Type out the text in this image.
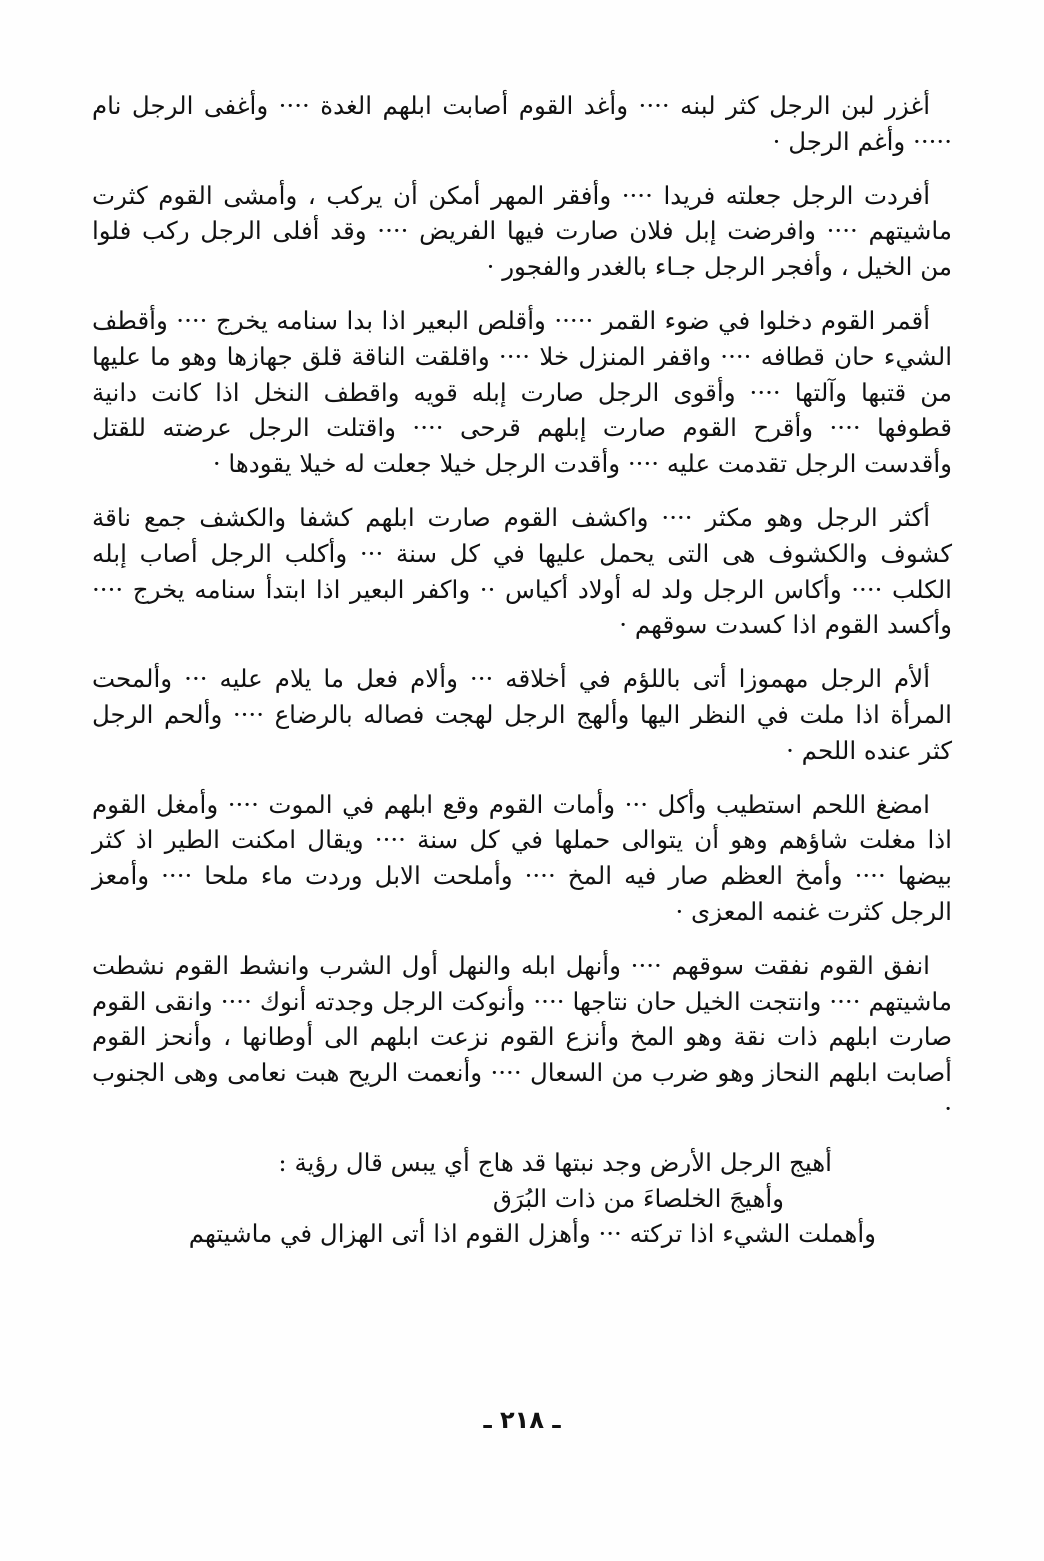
أغزر لبن الرجل كثر لبنه ···· وأغد القوم أصابت ابلهم الغدة ···· وأغفى الرجل نام ····· وأغم الرجل ·

أفردت الرجل جعلته فريدا ···· وأفقر المهر أمكن أن يركب ، وأمشى القوم كثرت ماشيتهم ···· وافرضت إبل فلان صارت فيها الفريض ···· وقد أفلى الرجل ركب فلوا من الخيل ، وأفجر الرجل جـاء بالغدر والفجور ·

أقمر القوم دخلوا في ضوء القمر ····· وأقلص البعير اذا بدا سنامه يخرج ···· وأقطف الشيء حان قطافه ···· واقفر المنزل خلا ···· واقلقت الناقة قلق جهازها وهو ما عليها من قتبها وآلتها ···· وأقوى الرجل صارت إبله قويه واقطف النخل اذا كانت دانية قطوفها ···· وأقرح القوم صارت إبلهم قرحى ···· واقتلت الرجل عرضته للقتل وأقدست الرجل تقدمت عليه ···· وأقدت الرجل خيلا جعلت له خيلا يقودها ·

أكثر الرجل وهو مكثر ···· واكشف القوم صارت ابلهم كشفا والكشف جمع ناقة كشوف والكشوف هى التى يحمل عليها في كل سنة ··· وأكلب الرجل أصاب إبله الكلب ···· وأكاس الرجل ولد له أولاد أكياس ·· واكفر البعير اذا ابتدأ سنامه يخرج ···· وأكسد القوم اذا كسدت سوقهم ·

ألأم الرجل مهموزا أتى باللؤم في أخلاقه ··· وألام فعل ما يلام عليه ··· وألمحت المرأة اذا ملت في النظر اليها وألهج الرجل لهجت فصاله بالرضاع ···· وألحم الرجل كثر عنده اللحم ·

امضغ اللحم استطيب وأكل ··· وأمات القوم وقع ابلهم في الموت ···· وأمغل القوم اذا مغلت شاؤهم وهو أن يتوالى حملها في كل سنة ···· ويقال امكنت الطير اذ كثر بيضها ···· وأمخ العظم صار فيه المخ ···· وأملحت الابل وردت ماء ملحا ···· وأمعز الرجل كثرت غنمه المعزى ·

انفق القوم نفقت سوقهم ···· وأنهل ابله والنهل أول الشرب وانشط القوم نشطت ماشيتهم ···· وانتجت الخيل حان نتاجها ···· وأنوكت الرجل وجدته أنوك ···· وانقى القوم صارت ابلهم ذات نقة وهو المخ وأنزع القوم نزعت ابلهم الى أوطانها ، وأنحز القوم أصابت ابلهم النحاز وهو ضرب من السعال ···· وأنعمت الريح هبت نعامى وهى الجنوب ·

أهيج الرجل الأرض وجد نبتها قد هاج أي يبس قال رؤية :
وأهيجَ الخلصاءَ من ذات البُرَق
وأهملت الشيء اذا تركته ··· وأهزل القوم اذا أتى الهزال في ماشيتهم
ـ ٢١٨ ـ
